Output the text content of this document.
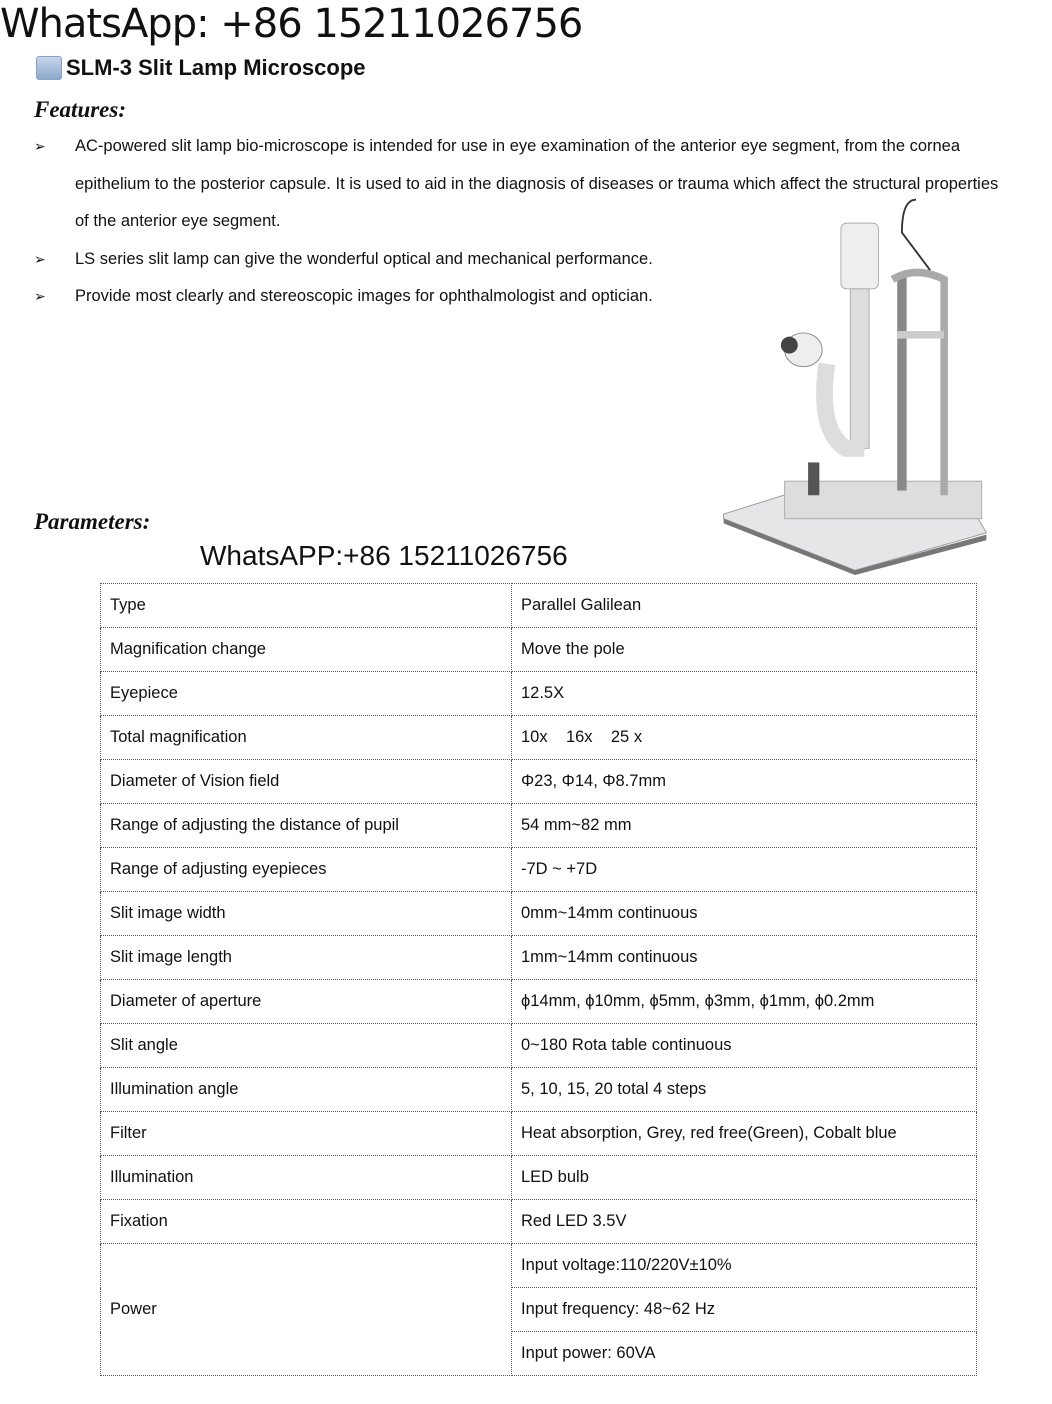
WhatsApp: +86 15211026756
SLM-3 Slit Lamp Microscope
Features:
➢ AC-powered slit lamp bio-microscope is intended for use in eye examination of the anterior eye segment, from the cornea epithelium to the posterior capsule. It is used to aid in the diagnosis of diseases or trauma which affect the structural properties of the anterior eye segment.
➢ LS series slit lamp can give the wonderful optical and mechanical performance.
➢ Provide most clearly and stereoscopic images for ophthalmologist and optician.
Parameters:
WhatsAPP:+86 15211026756
Type	Parallel Galilean
Magnification change	Move the pole
Eyepiece	12.5X
Total magnification	10x    16x    25 x
Diameter of Vision field	Φ23, Φ14, Φ8.7mm
Range of adjusting the distance of pupil	54 mm~82 mm
Range of adjusting eyepieces	-7D ~ +7D
Slit image width	0mm~14mm continuous
Slit image length	1mm~14mm continuous
Diameter of aperture	ϕ14mm, ϕ10mm, ϕ5mm, ϕ3mm, ϕ1mm, ϕ0.2mm
Slit angle	0~180 Rota table continuous
Illumination angle	5, 10, 15, 20 total 4 steps
Filter	Heat absorption, Grey, red free(Green), Cobalt blue
Illumination	LED bulb
Fixation	Red LED 3.5V
Power	Input voltage:110/220V±10%
	Input frequency: 48~62 Hz
	Input power: 60VA
